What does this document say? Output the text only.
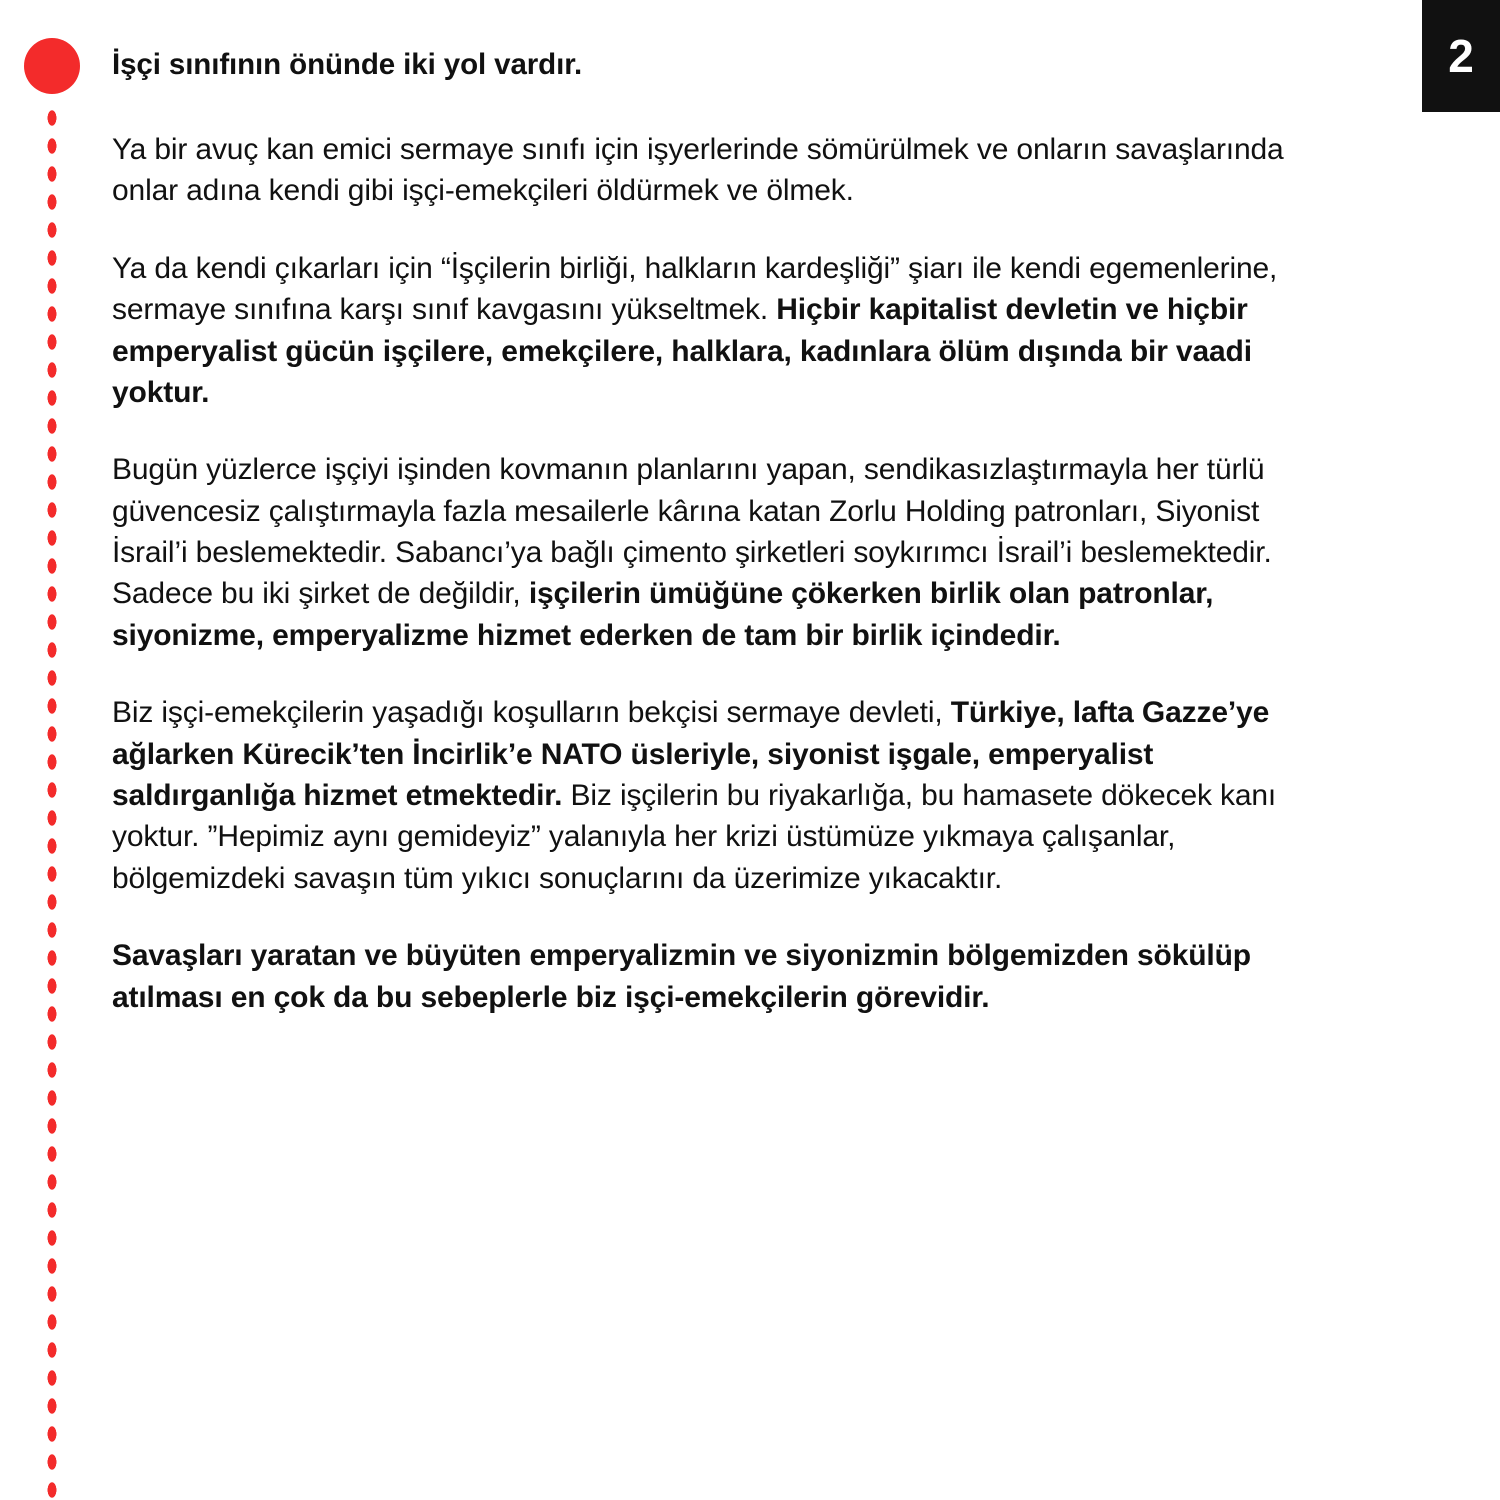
2
İşçi sınıfının önünde iki yol vardır.

Ya bir avuç kan emici sermaye sınıfı için işyerlerinde sömürülmek ve onların savaşlarında onlar adına kendi gibi işçi-emekçileri öldürmek ve ölmek.

Ya da kendi çıkarları için “İşçilerin birliği, halkların kardeşliği” şiarı ile kendi egemenlerine, sermaye sınıfına karşı sınıf kavgasını yükseltmek. Hiçbir kapitalist devletin ve hiçbir emperyalist gücün işçilere, emekçilere, halklara, kadınlara ölüm dışında bir vaadi yoktur.

Bugün yüzlerce işçiyi işinden kovmanın planlarını yapan, sendikasızlaştırmayla her türlü güvencesiz çalıştırmayla fazla mesailerle kârına katan Zorlu Holding patronları, Siyonist İsrail’i beslemektedir. Sabancı’ya bağlı çimento şirketleri soykırımcı İsrail’i beslemektedir. Sadece bu iki şirket de değildir, işçilerin ümüğüne çökerken birlik olan patronlar, siyonizme, emperyalizme hizmet ederken de tam bir birlik içindedir.

Biz işçi-emekçilerin yaşadığı koşulların bekçisi sermaye devleti, Türkiye, lafta Gazze’ye ağlarken Kürecik’ten İncirlik’e NATO üsleriyle, siyonist işgale, emperyalist saldırganlığa hizmet etmektedir. Biz işçilerin bu riyakarlığa, bu hamasete dökecek kanı yoktur. ”Hepimiz aynı gemideyiz” yalanıyla her krizi üstümüze yıkmaya çalışanlar, bölgemizdeki savaşın tüm yıkıcı sonuçlarını da üzerimize yıkacaktır.

Savaşları yaratan ve büyüten emperyalizmin ve siyonizmin bölgemizden sökülüp atılması en çok da bu sebeplerle biz işçi-emekçilerin görevidir.
